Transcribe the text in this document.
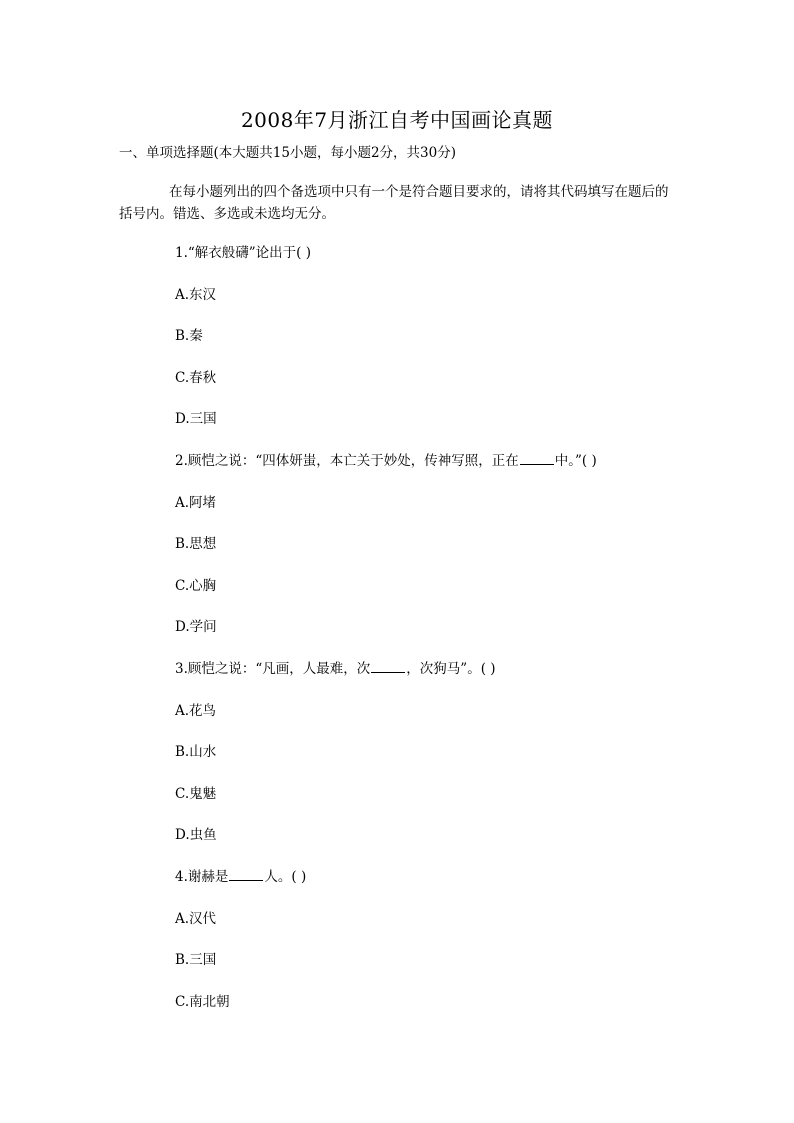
2008年7月浙江自考中国画论真题
一、单项选择题(本大题共15小题，每小题2分，共30分)
在每小题列出的四个备选项中只有一个是符合题目要求的，请将其代码填写在题后的括号内。错选、多选或未选均无分。
1.“解衣般礴”论出于( )
A.东汉
B.秦
C.春秋
D.三国
2.顾恺之说：“四体妍蚩，本亡关于妙处，传神写照，正在	中。”( )
A.阿堵
B.思想
C.心胸
D.学问
3.顾恺之说：“凡画，人最难，次	，次狗马”。( )
A.花鸟
B.山水
C.鬼魅
D.虫鱼
4.谢赫是	人。( )
A.汉代
B.三国
C.南北朝
